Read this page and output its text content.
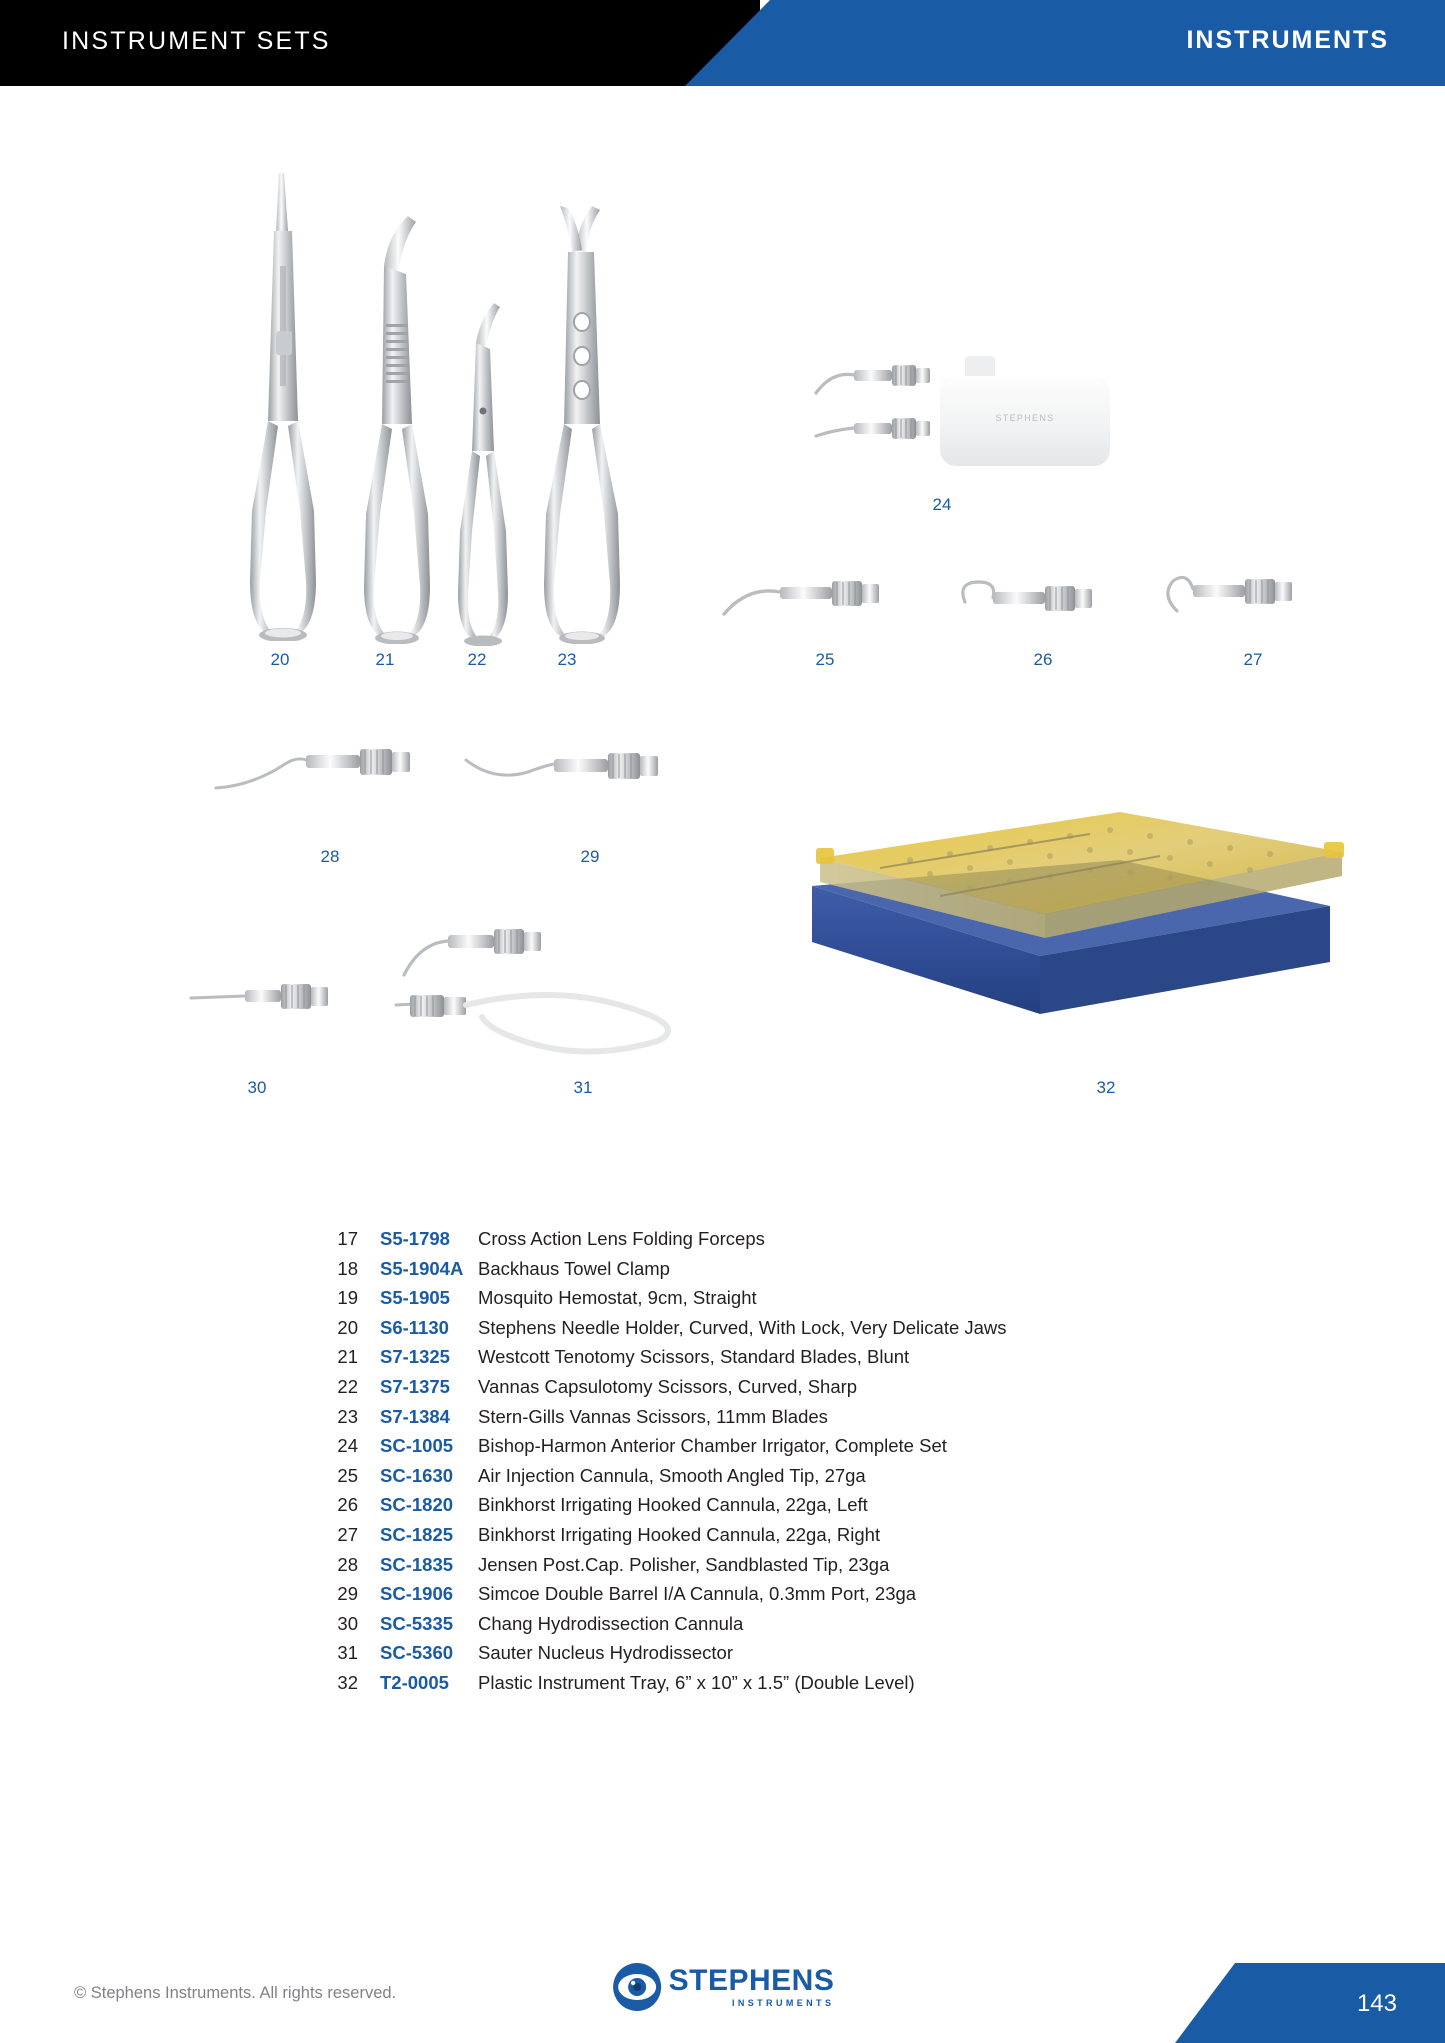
INSTRUMENT SETS	INSTRUMENTS
STEPHENS
20	21	22	23
24
25	26	27
28	29
30	31	32
17	S5-1798	Cross Action Lens Folding Forceps
18	S5-1904A Backhaus Towel Clamp
19	S5-1905	Mosquito Hemostat, 9cm, Straight
20	S6-1130	Stephens Needle Holder, Curved, With Lock, Very Delicate Jaws
21	S7-1325	Westcott Tenotomy Scissors, Standard Blades, Blunt
22	S7-1375	Vannas Capsulotomy Scissors, Curved, Sharp
23	S7-1384	Stern-Gills Vannas Scissors, 11mm Blades
24	SC-1005	Bishop-Harmon Anterior Chamber Irrigator, Complete Set
25	SC-1630	Air Injection Cannula, Smooth Angled Tip, 27ga
26	SC-1820	Binkhorst Irrigating Hooked Cannula, 22ga, Left
27	SC-1825	Binkhorst Irrigating Hooked Cannula, 22ga, Right
28	SC-1835	Jensen Post.Cap. Polisher, Sandblasted Tip, 23ga
29	SC-1906	Simcoe Double Barrel I/A Cannula, 0.3mm Port, 23ga
30	SC-5335	Chang Hydrodissection Cannula
31	SC-5360	Sauter Nucleus Hydrodissector
32	T2-0005	Plastic Instrument Tray, 6” x 10” x 1.5” (Double Level)
© Stephens Instruments. All rights reserved.	STEPHENS
INSTRUMENTS	143
